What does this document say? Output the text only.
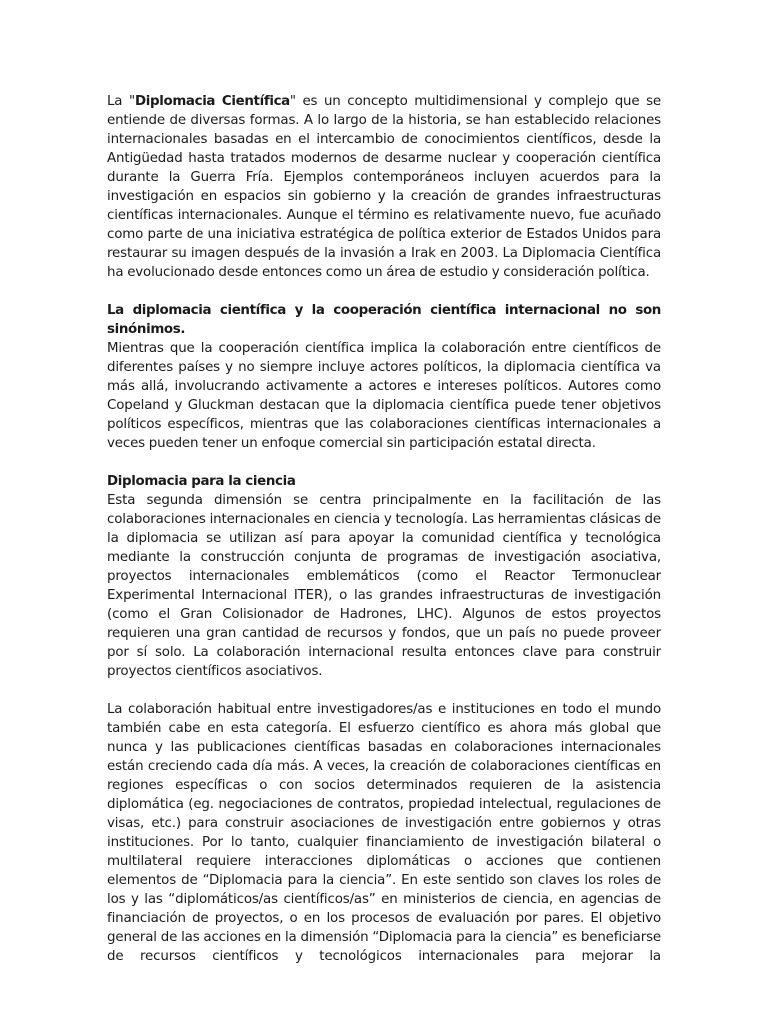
La "Diplomacia Científica" es un concepto multidimensional y complejo que se entiende de diversas formas. A lo largo de la historia, se han establecido relaciones internacionales basadas en el intercambio de conocimientos científicos, desde la Antigüedad hasta tratados modernos de desarme nuclear y cooperación científica durante la Guerra Fría. Ejemplos contemporáneos incluyen acuerdos para la investigación en espacios sin gobierno y la creación de grandes infraestructuras científicas internacionales. Aunque el término es relativamente nuevo, fue acuñado como parte de una iniciativa estratégica de política exterior de Estados Unidos para restaurar su imagen después de la invasión a Irak en 2003. La Diplomacia Científica ha evolucionado desde entonces como un área de estudio y consideración política.

La diplomacia científica y la cooperación científica internacional no son sinónimos.

Mientras que la cooperación científica implica la colaboración entre científicos de diferentes países y no siempre incluye actores políticos, la diplomacia científica va más allá, involucrando activamente a actores e intereses políticos. Autores como Copeland y Gluckman destacan que la diplomacia científica puede tener objetivos políticos específicos, mientras que las colaboraciones científicas internacionales a veces pueden tener un enfoque comercial sin participación estatal directa.

Diplomacia para la ciencia

Esta segunda dimensión se centra principalmente en la facilitación de las colaboraciones internacionales en ciencia y tecnología. Las herramientas clásicas de la diplomacia se utilizan así para apoyar la comunidad científica y tecnológica mediante la construcción conjunta de programas de investigación asociativa, proyectos internacionales emblemáticos (como el Reactor Termonuclear Experimental Internacional ITER), o las grandes infraestructuras de investigación (como el Gran Colisionador de Hadrones, LHC). Algunos de estos proyectos requieren una gran cantidad de recursos y fondos, que un país no puede proveer por sí solo. La colaboración internacional resulta entonces clave para construir proyectos científicos asociativos.

La colaboración habitual entre investigadores/as e instituciones en todo el mundo también cabe en esta categoría. El esfuerzo científico es ahora más global que nunca y las publicaciones científicas basadas en colaboraciones internacionales están creciendo cada día más. A veces, la creación de colaboraciones científicas en regiones específicas o con socios determinados requieren de la asistencia diplomática (eg. negociaciones de contratos, propiedad intelectual, regulaciones de visas, etc.) para construir asociaciones de investigación entre gobiernos y otras instituciones. Por lo tanto, cualquier financiamiento de investigación bilateral o multilateral requiere interacciones diplomáticas o acciones que contienen elementos de “Diplomacia para la ciencia”. En este sentido son claves los roles de los y las “diplomáticos/as científicos/as” en ministerios de ciencia, en agencias de financiación de proyectos, o en los procesos de evaluación por pares. El objetivo general de las acciones en la dimensión “Diplomacia para la ciencia” es beneficiarse de recursos científicos y tecnológicos internacionales para mejorar la
